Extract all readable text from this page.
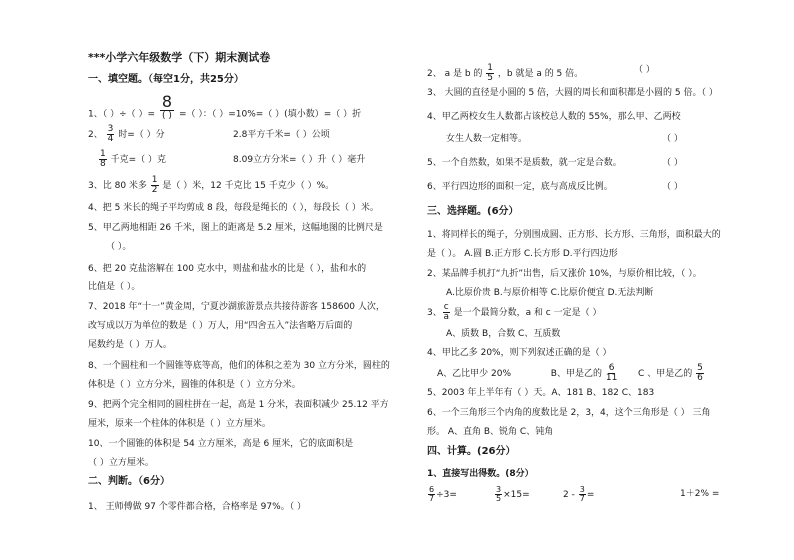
***小学六年级数学（下）期末测试卷
一、填空题。（每空1分，共25分）
1、（ ）÷（ ）=
8
( ) =（ ）：（ ）=10%=（ ）(填小数）=（ ）折
2、 $\frac{3}{4}$ 时=（ ）分	2.8平方千米=（ ）公顷
$\frac{1}{8}$ 千克=（ ）克	8.09立方分米=（ ）升（ ）毫升
3、比 80 米多 $\frac{1}{2}$ 是（ ）米，12 千克比 15 千克少（ ）%。
4、把 5 米长的绳子平均剪成 8 段，每段是绳长的（ ），每段长（ ）米。
5、甲乙两地相距 26 千米，图上的距离是 5.2 厘米，这幅地图的比例尺是
（ ）。
6、把 20 克盐溶解在 100 克水中，则盐和盐水的比是（ ），盐和水的
比值是（ ）。
7、2018 年“十一”黄金周，宁夏沙湖旅游景点共接待游客 158600 人次，
改写成以万为单位的数是（ ）万人，用“四舍五入”法省略万后面的
尾数约是（ ）万人。
8、一个圆柱和一个圆锥等底等高，他们的体积之差为 30 立方分米，圆柱的
体积是（ ）立方分米，圆锥的体积是（ ）立方分米。
9、把两个完全相同的圆柱拼在一起，高是 1 分米，表面积减少 25.12 平方
厘米，原来一个柱体的体积是（ ）立方厘米。
10、一个圆锥的体积是 54 立方厘米，高是 6 厘米，它的底面积是
（ ）立方厘米。
二、判断。（6分）
1、 王师傅做 97 个零件都合格，合格率是 97%。（ ）
2、 a 是 b 的 $\frac{1}{5}$ ，b 就是 a 的 5 倍。	（ ）
3、 大圆的直径是小圆的 5 倍，大圆的周长和面积都是小圆的 5 倍。（ ）
4、甲乙两校女生人数都占该校总人数的 55%，那么甲、乙两校
女生人数一定相等。	（ ）
5、一个自然数，如果不是质数，就一定是合数。	（ ）
6、平行四边形的面积一定，底与高成反比例。	（ ）
三、选择题。(6分）
1、将同样长的绳子，分别围成圆、正方形、长方形、三角形，面积最大的
是（ ）。 A.圆 B.正方形 C.长方形 D.平行四边形
2、某品牌手机打“九折”出售，后又涨价 10%，与原价相比较，（ ）。
A.比原价贵 B.与原价相等 C.比原价便宜 D.无法判断
3、 $\frac{c}{a}$ 是一个最简分数，a 和 c 一定是（ ）
A、质数 B，合数 C、互质数
4、甲比乙多 20%，则下列叙述正确的是（ ）
A、乙比甲少 20%	B、甲是乙的 $\frac{6}{11}$ C 、甲是乙的 $\frac{5}{6}$
5、2003 年上半年有（ ）天。A、181 B、182 C、183
6、一个三角形三个内角的度数比是 2，3，4，这个三角形是（ ） 三角
形。 A、直角 B、锐角 C、钝角
四、计算。(26分）
1、直接写出得数。(8分）
$\frac{6}{7} \div 3=$	$\frac{3}{5} \times 15=$	$2 - \frac{3}{7}$ =	1＋2% =
